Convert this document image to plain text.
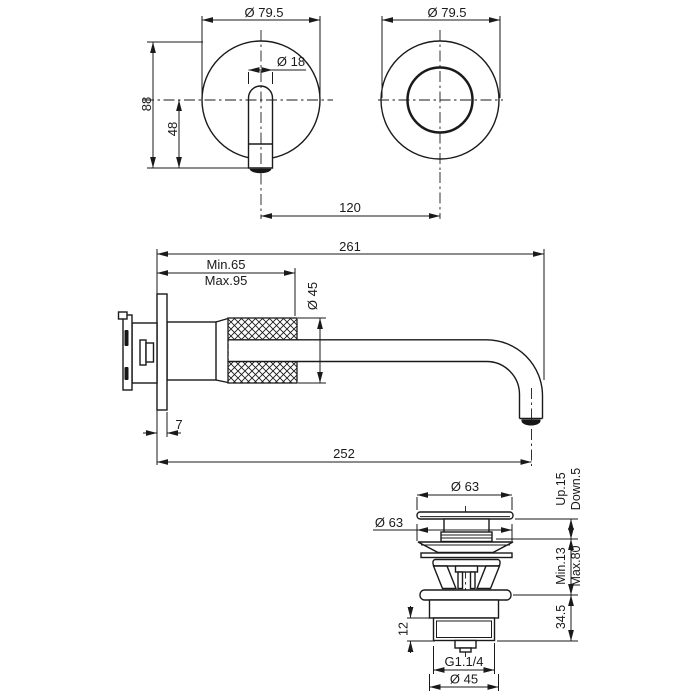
Ø 79.5
Ø 18
88
48
120
Ø 79.5
261
Min.65
Max.95
Ø 45
7
252
Ø 63
Ø 63
Up.15 Down.5
Min.13 Max.80
34.5
12
G1.1/4
Ø 45
